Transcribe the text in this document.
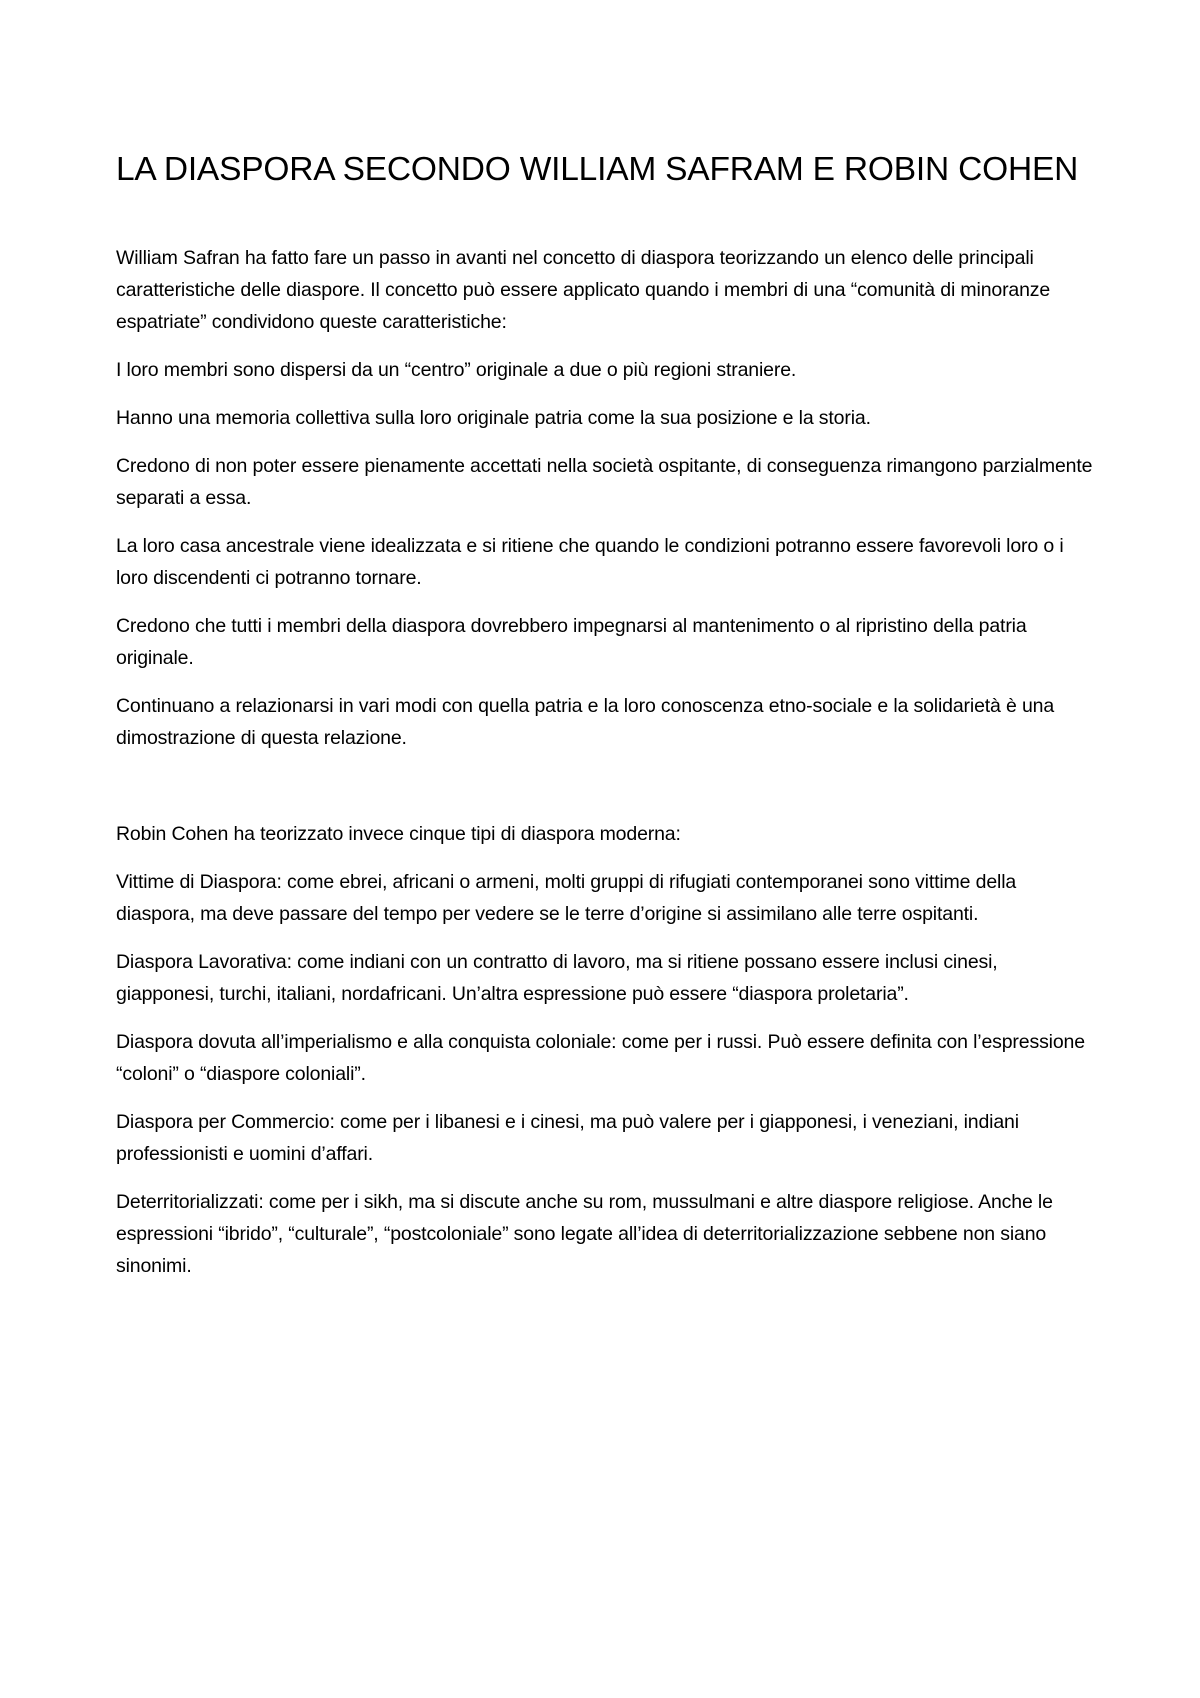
LA DIASPORA SECONDO WILLIAM SAFRAM E ROBIN COHEN

William Safran ha fatto fare un passo in avanti nel concetto di diaspora teorizzando un elenco delle principali caratteristiche delle diaspore. Il concetto può essere applicato quando i membri di una “comunità di minoranze espatriate” condividono queste caratteristiche:

I loro membri sono dispersi da un “centro” originale a due o più regioni straniere.

Hanno una memoria collettiva sulla loro originale patria come la sua posizione e la storia.

Credono di non poter essere pienamente accettati nella società ospitante, di conseguenza rimangono parzialmente separati a essa.

La loro casa ancestrale viene idealizzata e si ritiene che quando le condizioni potranno essere favorevoli loro o i loro discendenti ci potranno tornare.

Credono che tutti i membri della diaspora dovrebbero impegnarsi al mantenimento o al ripristino della patria originale.

Continuano a relazionarsi in vari modi con quella patria e la loro conoscenza etno-sociale e la solidarietà è una dimostrazione di questa relazione.

Robin Cohen ha teorizzato invece cinque tipi di diaspora moderna:

Vittime di Diaspora: come ebrei, africani o armeni, molti gruppi di rifugiati contemporanei sono vittime della diaspora, ma deve passare del tempo per vedere se le terre d’origine si assimilano alle terre ospitanti.

Diaspora Lavorativa: come indiani con un contratto di lavoro, ma si ritiene possano essere inclusi cinesi, giapponesi, turchi, italiani, nordafricani. Un’altra espressione può essere “diaspora proletaria”.

Diaspora dovuta all’imperialismo e alla conquista coloniale: come per i russi. Può essere definita con l’espressione “coloni” o “diaspore coloniali”.

Diaspora per Commercio: come per i libanesi e i cinesi, ma può valere per i giapponesi, i veneziani, indiani professionisti e uomini d’affari.

Deterritorializzati: come per i sikh, ma si discute anche su rom, mussulmani e altre diaspore religiose. Anche le espressioni “ibrido”, “culturale”, “postcoloniale” sono legate all’idea di deterritorializzazione sebbene non siano sinonimi.
